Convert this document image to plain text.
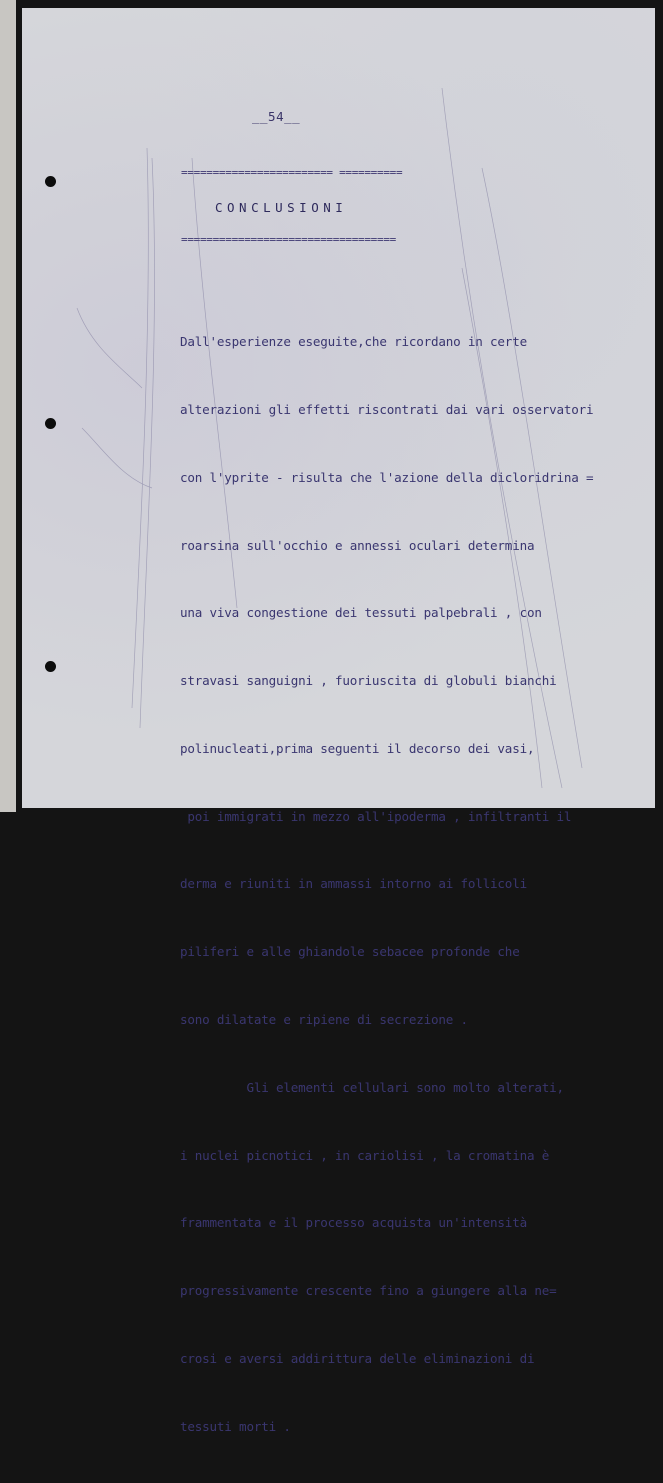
__54__
======================== ==========
CONCLUSIONI
==================================

Dall'esperienze eseguite,che ricordano in certe

alterazioni gli effetti riscontrati dai vari osservatori

con l'yprite - risulta che l'azione della dicloridrina =

roarsina sull'occhio e annessi oculari determina

una viva congestione dei tessuti palpebrali , con

stravasi sanguigni , fuoriuscita di globuli bianchi

polinucleati,prima seguenti il decorso dei vasi,

poi immigrati in mezzo all'ipoderma , infiltranti il

derma e riuniti in ammassi intorno ai follicoli

piliferi e alle ghiandole sebacee profonde che

sono dilatate e ripiene di secrezione .

Gli elementi cellulari sono molto alterati,

i nuclei picnotici , in cariolisi , la cromatina è

frammentata e il processo acquista un'intensità

progressivamente crescente fino a giungere alla ne=

crosi e aversi addirittura delle eliminazioni di

tessuti morti .
